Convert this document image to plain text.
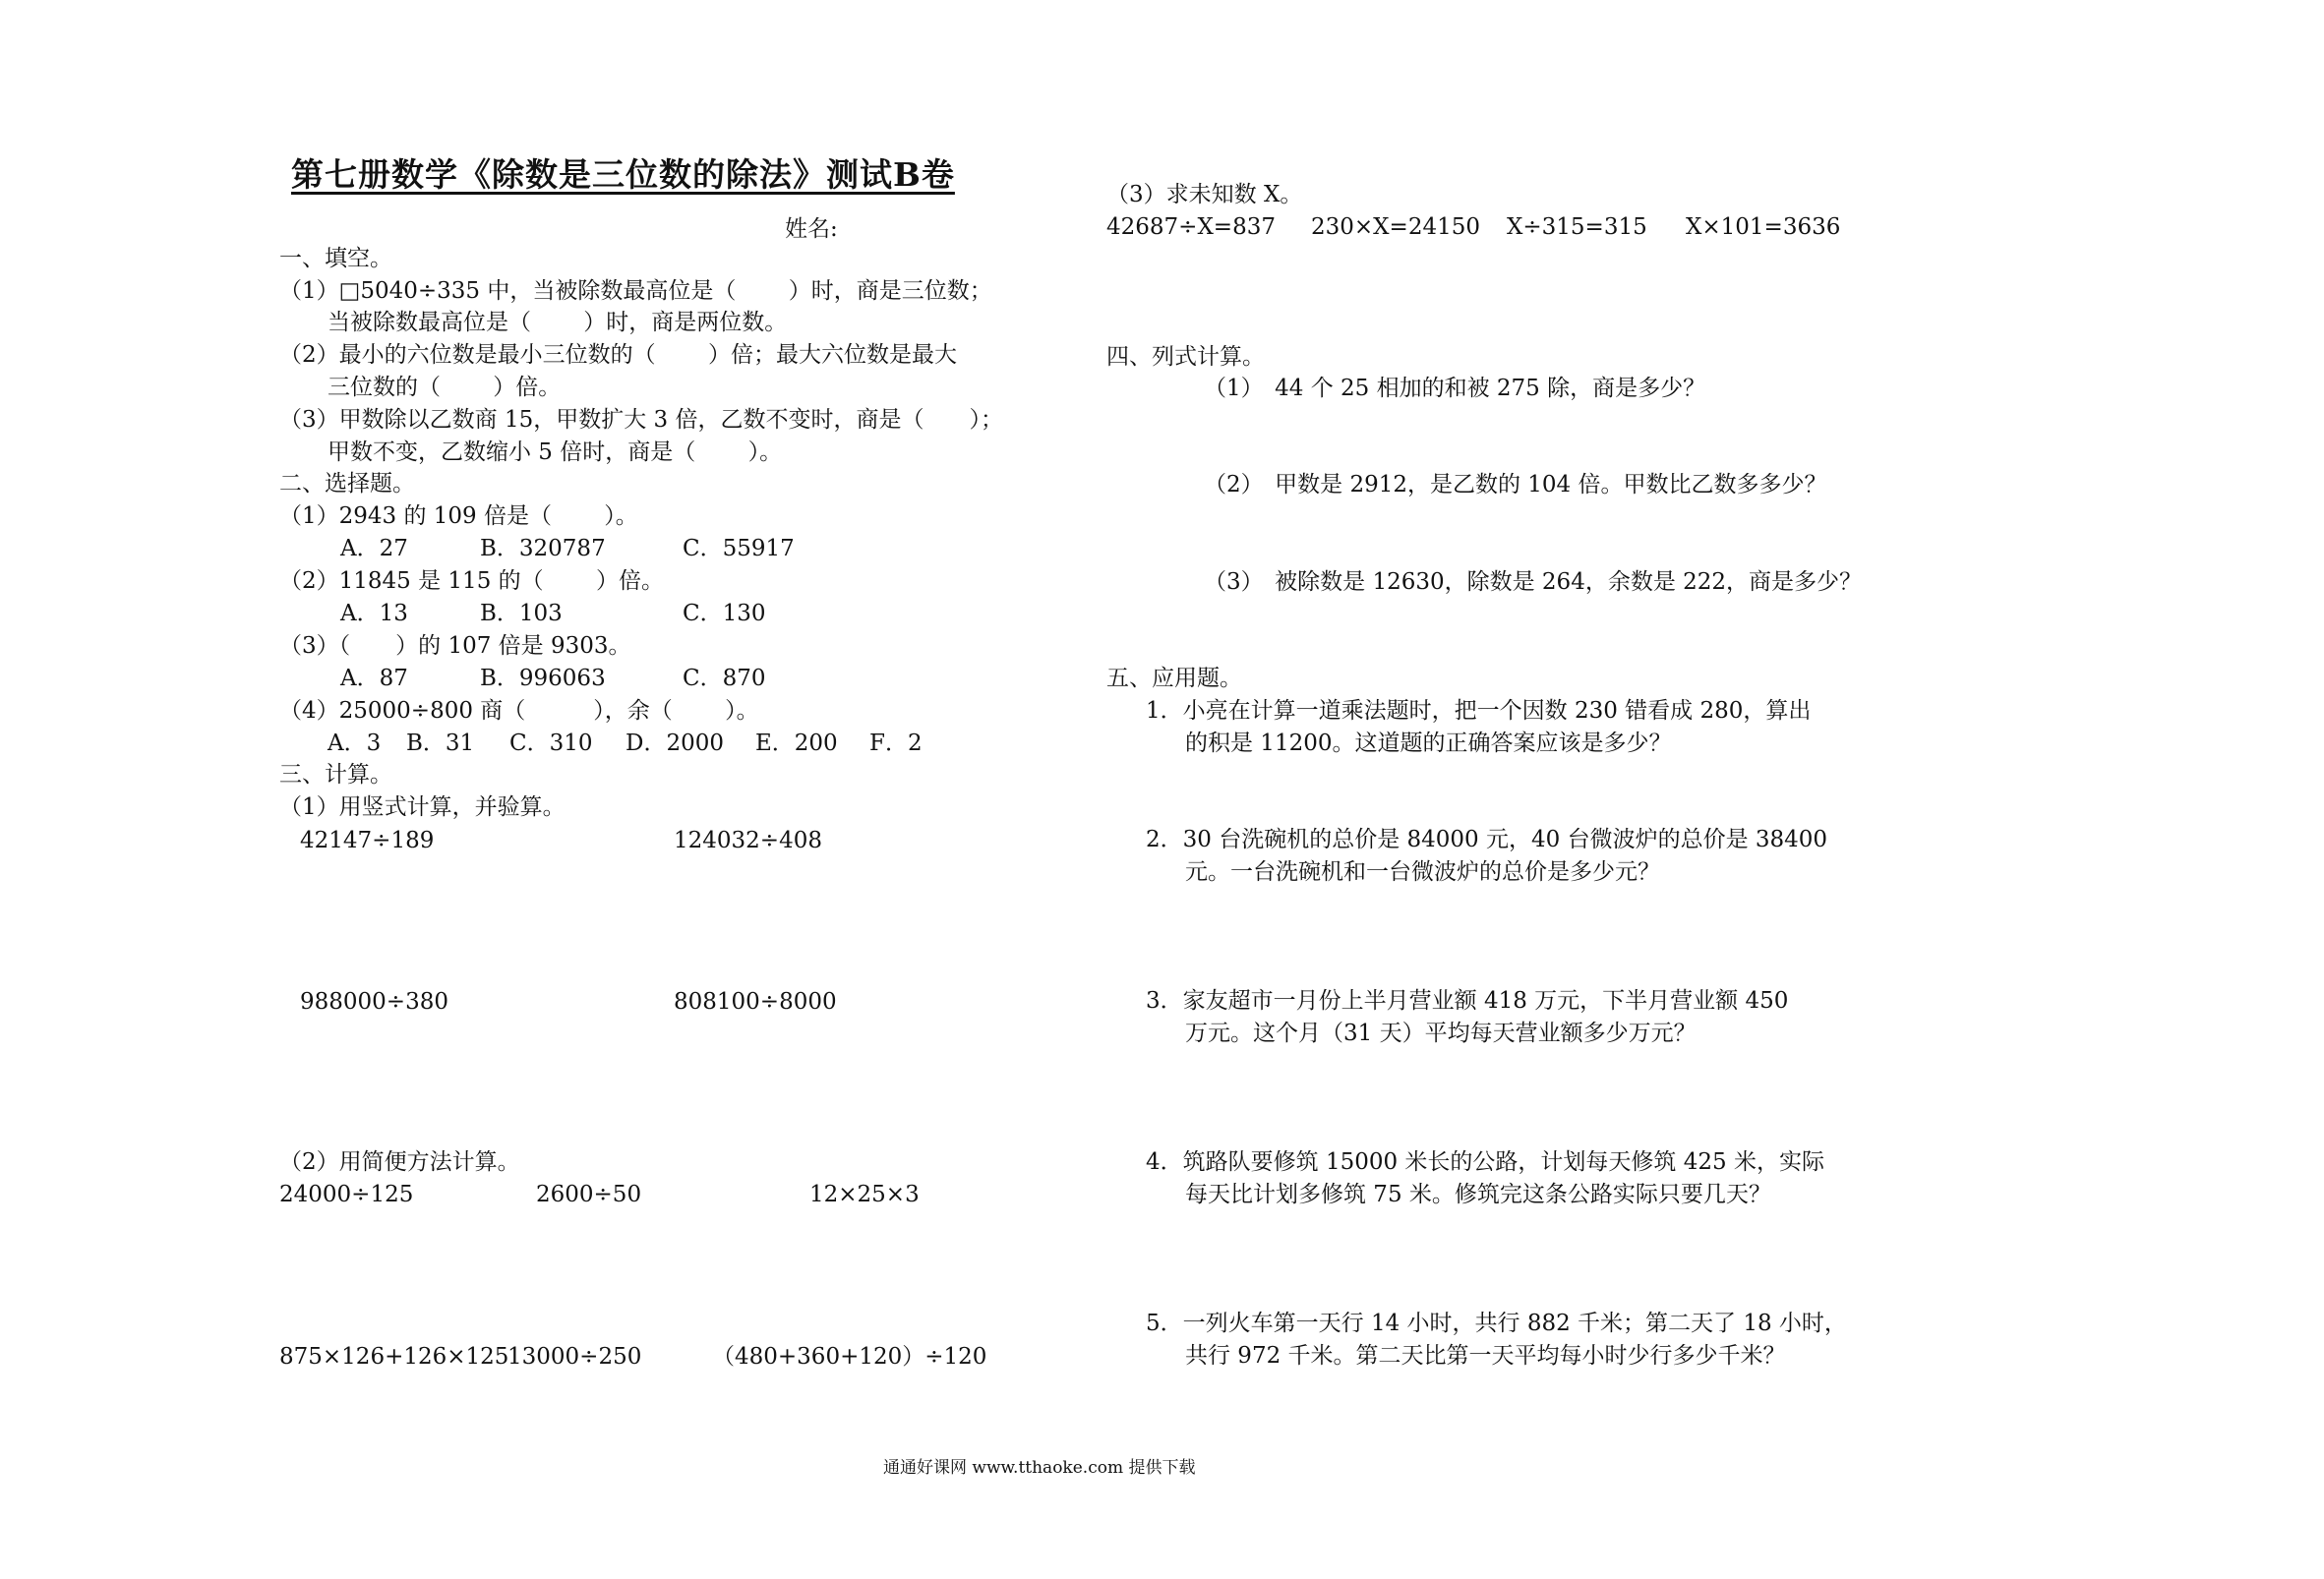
第七册数学《除数是三位数的除法》测试B卷
姓名:
一、填空。
（1）□5040÷335 中，当被除数最高位是（　　 ）时，商是三位数；
当被除数最高位是（　　 ）时，商是两位数。
（2）最小的六位数是最小三位数的（　　 ）倍；最大六位数是最大
三位数的（　　 ）倍。
（3）甲数除以乙数商 15，甲数扩大 3 倍，乙数不变时，商是（　　）；
甲数不变，乙数缩小 5 倍时，商是（　　 ）。
二、选择题。
（1）2943 的 109 倍是（　　 ）。
A．27	B．320787	C．55917
（2）11845 是 115 的（　　 ）倍。
A．13	B．103	C．130
（3）（　　）的 107 倍是 9303。
A．87	B．996063	C．870
（4）25000÷800 商（　　　），余（　　 ）。
A．3 B．31 C．310 D．2000 E．200 F．2
三、计算。
（1）用竖式计算，并验算。
42147÷189	124032÷408
988000÷380	808100÷8000
（2）用简便方法计算。
24000÷125	2600÷50	12×25×3
875×126+126×125
13000÷250	（480+360+120）÷120
（3）求未知数 X。
42687÷X=837 230×X=24150 X÷315=315 X×101=3636
四、列式计算。
（1）　44 个 25 相加的和被 275 除，商是多少？
（2）　甲数是 2912，是乙数的 104 倍。甲数比乙数多多少？
（3）　被除数是 12630，除数是 264，余数是 222，商是多少？
五、应用题。
1．小亮在计算一道乘法题时，把一个因数 230 错看成 280，算出
的积是 11200。这道题的正确答案应该是多少？
2．30 台洗碗机的总价是 84000 元，40 台微波炉的总价是 38400
元。一台洗碗机和一台微波炉的总价是多少元？
3．家友超市一月份上半月营业额 418 万元，下半月营业额 450
万元。这个月（31 天）平均每天营业额多少万元？
4．筑路队要修筑 15000 米长的公路，计划每天修筑 425 米，实际
每天比计划多修筑 75 米。修筑完这条公路实际只要几天？
5．一列火车第一天行 14 小时，共行 882 千米；第二天了 18 小时，
共行 972 千米。第二天比第一天平均每小时少行多少千米？
通通好课网 www.tthaoke.com 提供下载
